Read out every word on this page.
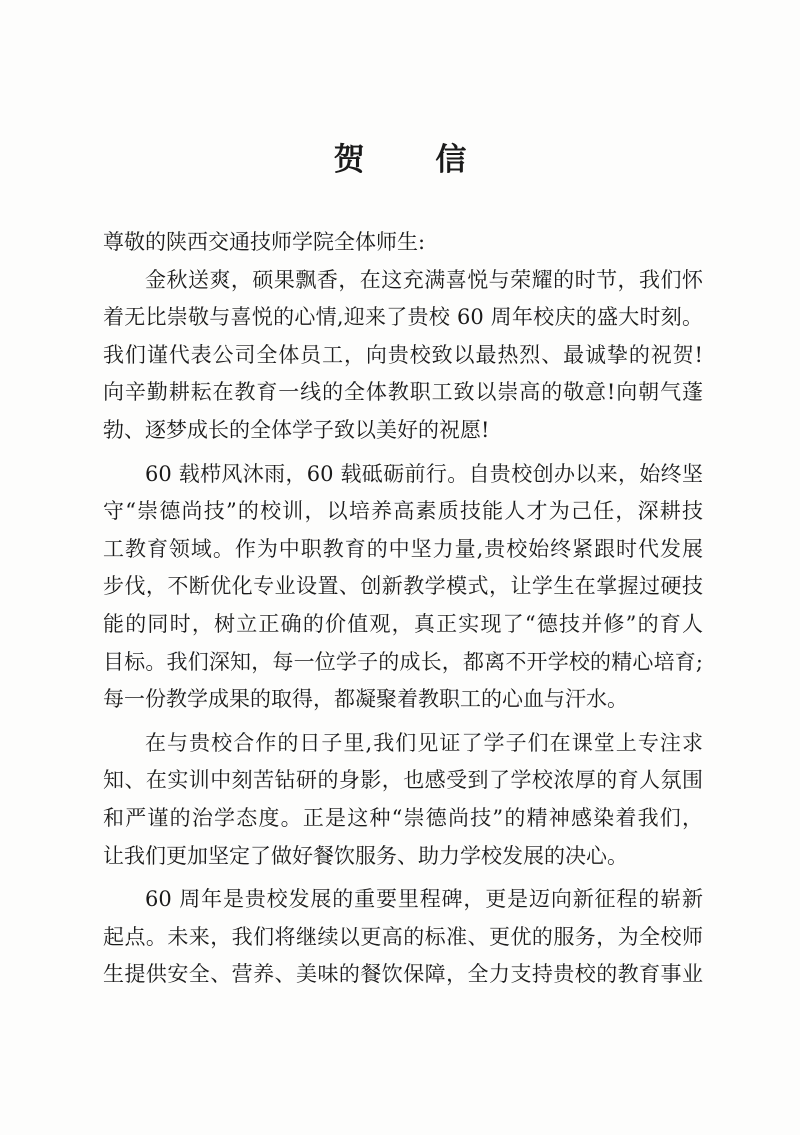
贺 信
尊敬的陕西交通技师学院全体师生:
金秋送爽，硕果飘香，在这充满喜悦与荣耀的时节，我们怀
着无比崇敬与喜悦的心情,迎来了贵校 60 周年校庆的盛大时刻。
我们谨代表公司全体员工，向贵校致以最热烈、最诚挚的祝贺!
向辛勤耕耘在教育一线的全体教职工致以崇高的敬意!向朝气蓬
勃、逐梦成长的全体学子致以美好的祝愿!
60 载栉风沐雨，60 载砥砺前行。自贵校创办以来，始终坚
守“崇德尚技”的校训，以培养高素质技能人才为己任，深耕技
工教育领域。作为中职教育的中坚力量,贵校始终紧跟时代发展
步伐，不断优化专业设置、创新教学模式，让学生在掌握过硬技
能的同时，树立正确的价值观，真正实现了“德技并修”的育人
目标。我们深知，每一位学子的成长，都离不开学校的精心培育;
每一份教学成果的取得，都凝聚着教职工的心血与汗水。
在与贵校合作的日子里,我们见证了学子们在课堂上专注求
知、在实训中刻苦钻研的身影，也感受到了学校浓厚的育人氛围
和严谨的治学态度。正是这种“崇德尚技”的精神感染着我们，
让我们更加坚定了做好餐饮服务、助力学校发展的决心。
60 周年是贵校发展的重要里程碑，更是迈向新征程的崭新
起点。未来，我们将继续以更高的标准、更优的服务，为全校师
生提供安全、营养、美味的餐饮保障，全力支持贵校的教育事业
